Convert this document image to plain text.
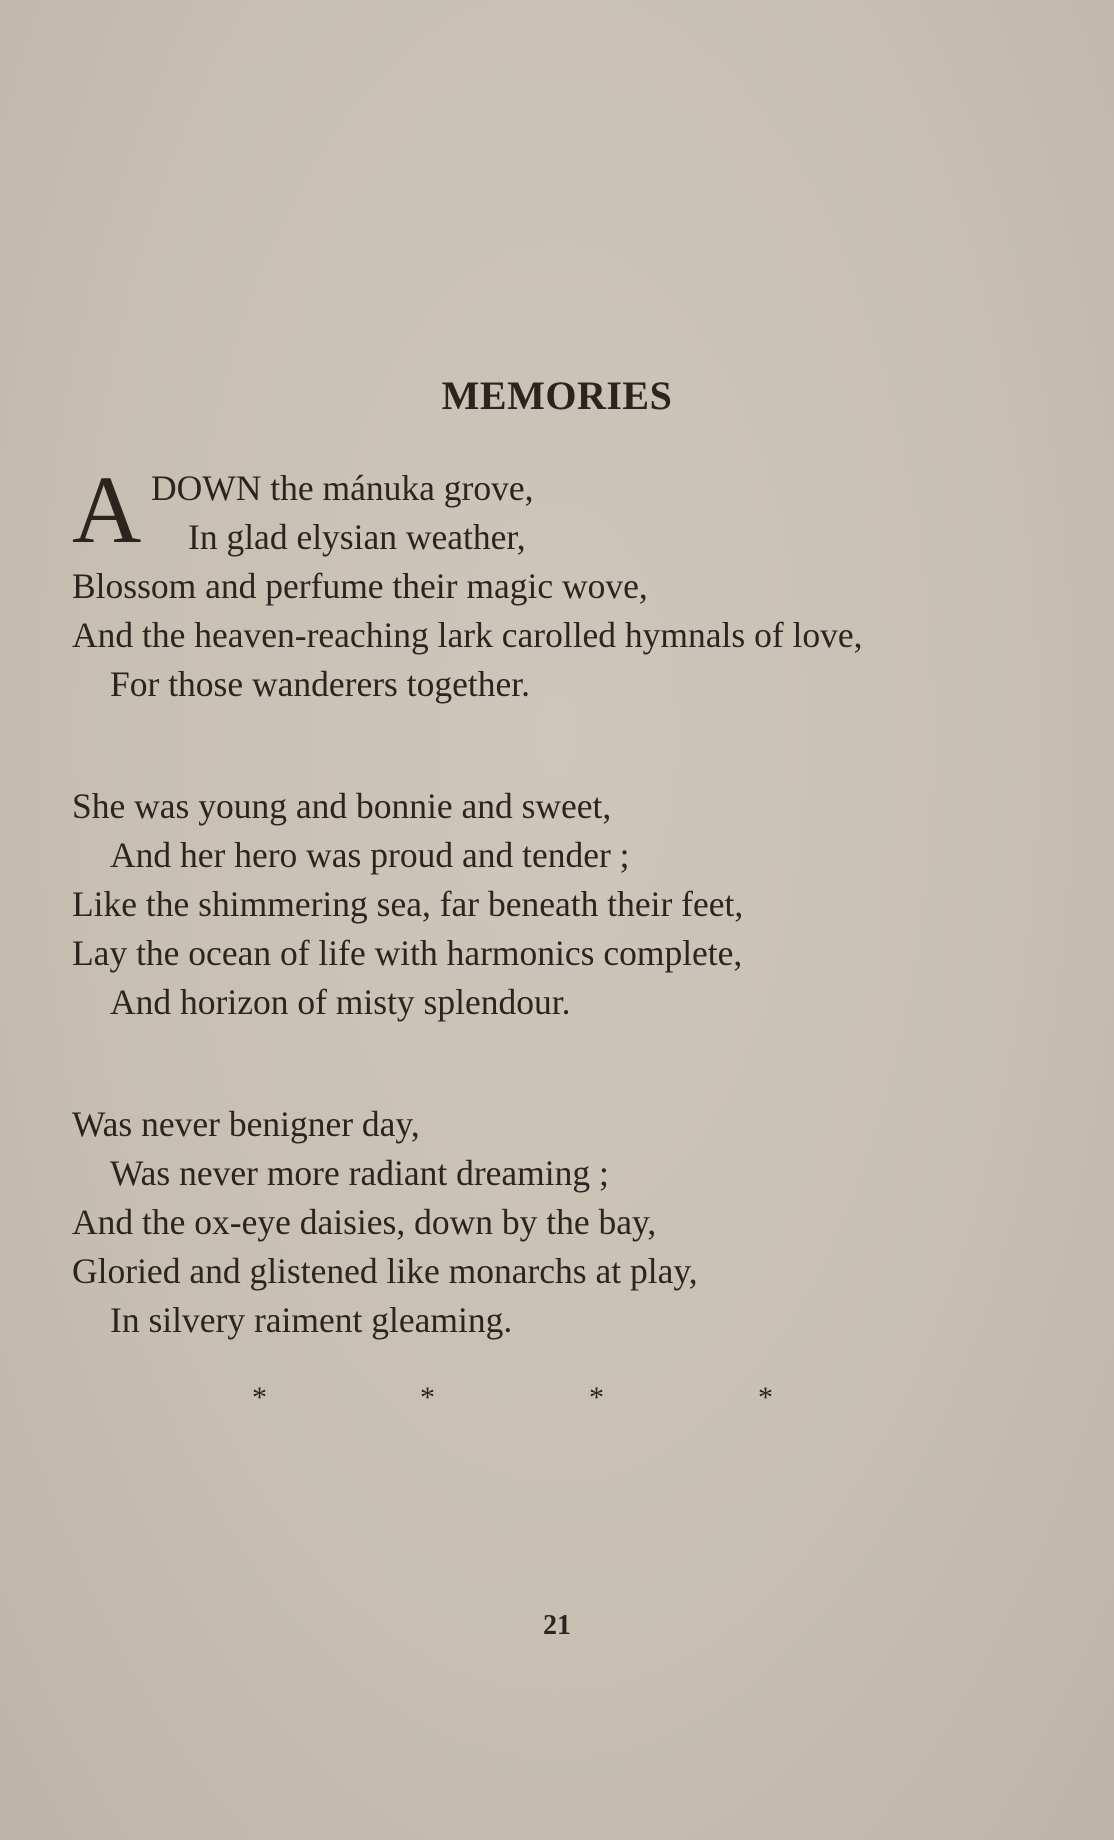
MEMORIES
A DOWN the mánuka grove,
In glad elysian weather,
Blossom and perfume their magic wove,
And the heaven-reaching lark carolled hymnals of love,
For those wanderers together.
She was young and bonnie and sweet,
And her hero was proud and tender ;
Like the shimmering sea, far beneath their feet,
Lay the ocean of life with harmonics complete,
And horizon of misty splendour.
Was never benigner day,
Was never more radiant dreaming ;
And the ox-eye daisies, down by the bay,
Gloried and glistened like monarchs at play,
In silvery raiment gleaming.
*	*	*	*
21
